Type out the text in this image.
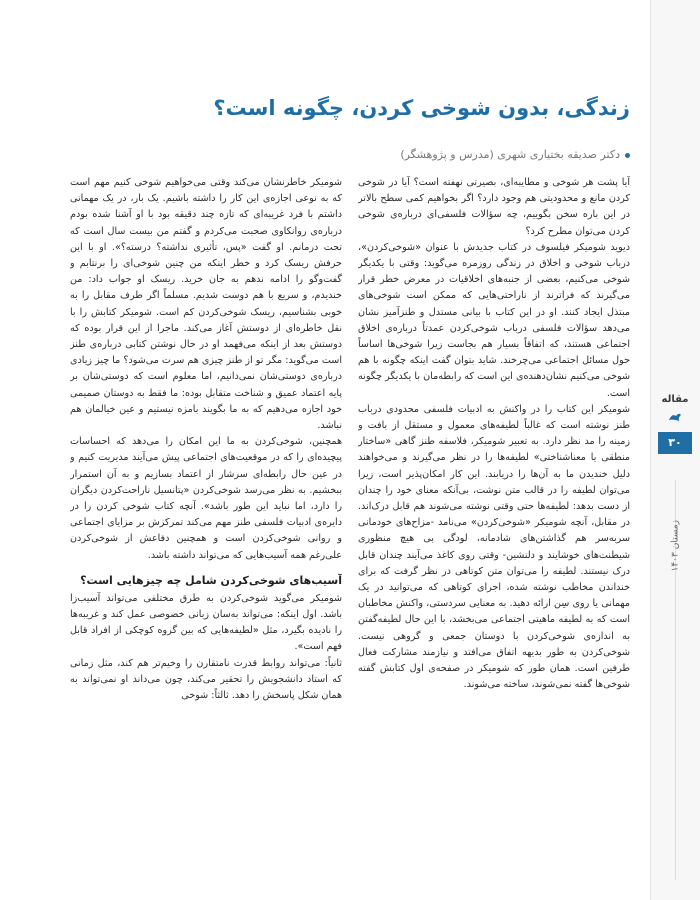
زندگی، بدون شوخی کردن، چگونه است؟
دکتر صدیقه بختیاری شهری (مدرس و پژوهشگر)

آیا پشت هر شوخی و مطایبه‌ای، بصیرتی نهفته است؟ آیا در شوخی کردن مانع و محدودیتی هم وجود دارد؟ اگر بخواهیم کمی سطح بالاتر در این باره سخن بگوییم، چه سؤالات فلسفی‌ای درباره‌ی شوخی کردن می‌توان مطرح کرد؟

دیوید شومیکر فیلسوف در کتاب جدیدش با عنوان «شوخی‌کردن»، درباب شوخی و اخلاق در زندگی روزمره می‌گوید: وقتی با یکدیگر شوخی می‌کنیم، بعضی از جنبه‌های اخلاقیات در معرض خطر قرار می‌گیرند که فراترند از ناراحتی‌هایی که ممکن است شوخی‌های مبتذل ایجاد کنند. او در این کتاب با بیانی مستدل و طنزآمیز نشان می‌دهد سؤالات فلسفی درباب شوخی‌کردن عمدتاً درباره‌ی اخلاق اجتماعی هستند، که اتفاقاً بسیار هم بجاست زیرا شوخی‌ها اساساً حول مسائل اجتماعی می‌چرخند. شاید بتوان گفت اینکه چگونه با هم شوخی می‌کنیم نشان‌دهنده‌ی این است که رابطه‌مان با یکدیگر چگونه است.

شومیکر این کتاب را در واکنش به ادبیات فلسفی محدودی درباب طنز نوشته است که غالباً لطیفه‌های معمول و مستقل از بافت و زمینه را مد نظر دارد. به تعبیر شومیکر، فلاسفه طنز گاهی «ساختار منطقی یا معناشناختی» لطیفه‌ها را در نظر می‌گیرند و می‌خواهند دلیل خندیدن ما به آن‌ها را دریابند. این کار امکان‌پذیر است، زیرا می‌توان لطیفه را در قالب متن نوشت، بی‌آنکه معنای خود را چندان از دست بدهد: لطیفه‌ها حتی وقتی نوشته می‌شوند هم قابل درک‌اند. در مقابل، آنچه شومیکر «شوخی‌کردن» می‌نامد -مزاح‌های خودمانی سربه‌سر هم گذاشتن‌های شادمانه، لودگی بی هیچ منظوری شیطنت‌های خوشایند و دلنشین- وقتی روی کاغذ می‌آیند چندان قابل درک نیستند. لطیفه را می‌توان متن کوتاهی در نظر گرفت که برای خنداندن مخاطب نوشته شده، اجرای کوتاهی که می‌توانید در یک مهمانی یا روی سِن ارائه دهید. به معنایی سردستی، واکنش مخاطبان است که به لطیفه ماهیتی اجتماعی می‌بخشد، با این حال لطیفه‌گفتن به اندازه‌ی شوخی‌کردن با دوستان جمعی و گروهی نیست. شوخی‌کردن به طور بدیهه اتفاق می‌افتد و نیازمند مشارکت فعال طرفین است. همان طور که شومیکر در صفحه‌ی اول کتابش گفته شوخی‌ها گفته نمی‌شوند، ساخته می‌شوند.

شومیکر خاطرنشان می‌کند وقتی می‌خواهیم شوخی کنیم مهم است که به نوعی اجازه‌ی این کار را داشته باشیم. یک بار، در یک مهمانی داشتم با فرد غریبه‌ای که تازه چند دقیقه بود با او آشنا شده بودم درباره‌ی روانکاوی صحبت می‌کردم و گفتم من بیست سال است که تحت درمانم. او گفت «پس، تأثیری نداشته؟ درسته؟». او با این حرفش ریسک کرد و خطر اینکه من چنین شوخی‌ای را برنتابم و گفت‌وگو را ادامه ندهم به جان خرید. ریسک او جواب داد: من خندیدم، و سریع با هم دوست شدیم. مسلماً اگر طرف مقابل را به خوبی بشناسیم، ریسک شوخی‌کردن کم است. شومیکر کتابش را با نقل خاطره‌ای از دوستش آغاز می‌کند. ماجرا از این قرار بوده که دوستش بعد از اینکه می‌فهمد او در حال نوشتن کتابی درباره‌ی طنز است می‌گوید: مگر تو از طنز چیزی هم سرت می‌شود؟ ما چیز زیادی درباره‌ی دوستی‌شان نمی‌دانیم، اما معلوم است که دوستی‌شان بر پایه اعتماد عمیق و شناخت متقابل بوده: ما فقط به دوستان صمیمی خود اجازه می‌دهیم که به ما بگویند بامزه نیستیم و عین خیالمان هم نباشد.

همچنین، شوخی‌کردن به ما این امکان را می‌دهد که احساسات پیچیده‌ای را که در موقعیت‌های اجتماعی پیش می‌آیند مدیریت کنیم و در عین حال رابطه‌ای سرشار از اعتماد بسازیم و به آن استمرار ببخشیم. به نظر می‌رسد شوخی‌کردن «پتانسیل ناراحت‌کردن دیگران را دارد، اما نباید این طور باشد». آنچه کتاب شوخی کردن را در دایره‌ی ادبیات فلسفی طنز مهم می‌کند تمرکزش بر مزایای اجتماعی و روانی شوخی‌کردن است و همچنین دفاعش از شوخی‌کردن علی‌رغم همه آسیب‌هایی که می‌تواند داشته باشد.

آسیب‌های شوخی‌کردن شامل چه چیزهایی است؟

شومیکر می‌گوید شوخی‌کردن به طرق مختلفی می‌تواند آسیب‌زا باشد. اول اینکه: می‌تواند به‌سان زبانی خصوصی عمل کند و غریبه‌ها را نادیده بگیرد، مثل «لطیفه‌هایی که بین گروه کوچکی از افراد قابل فهم است».

ثانیاً: می‌تواند روابط قدرت نامتقارن را وخیم‌تر هم کند، مثل زمانی که استاد دانشجویش را تحقیر می‌کند، چون می‌داند او نمی‌تواند به همان شکل پاسخش را دهد. ثالثاً: شوخی

مقاله
۳۰
زمستان ۱۴۰۳
